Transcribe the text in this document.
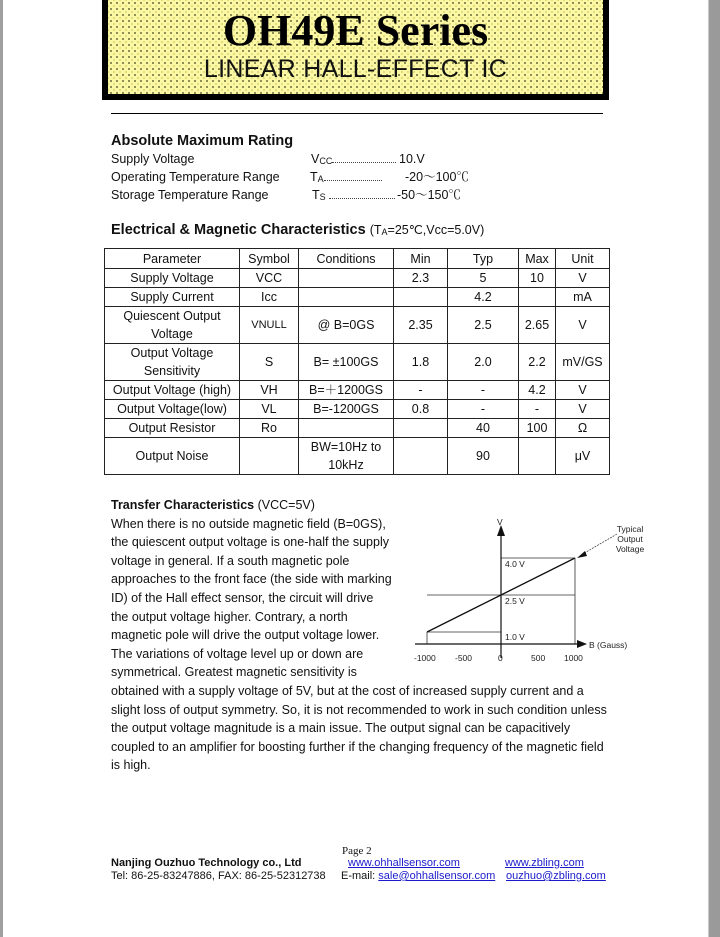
OH49E Series
LINEAR HALL-EFFECT IC
Absolute Maximum Rating
Supply Voltage	$V_{CC}$	10.V
Operating Temperature Range $T_A$	-20～100℃
Storage Temperature Range	$T_S$	-50～150℃
Electrical & Magnetic Characteristics $(T_A=25℃,Vcc=5.0V)$
Parameter	Symbol	Conditions	Min	Typ	Max	Unit
Supply Voltage	VCC		2.3	5	10	V
Supply Current	Icc			4.2		mA
Quiescent Output Voltage	VNULL	@ B=0GS	2.35	2.5	2.65	V
Output Voltage Sensitivity	S	B= ±100GS	1.8	2.0	2.2	mV/GS
Output Voltage (high)	VH	B=＋1200GS	-	-	4.2	V
Output Voltage(low)	VL	B=-1200GS	0.8	-	-	V
Output Resistor	Ro			40	100	Ω
Output Noise		BW=10Hz to 10kHz		90		μV
Transfer Characteristics (VCC=5V)
When there is no outside magnetic field (B=0GS),
the quiescent output voltage is one-half the supply
voltage in general. If a south magnetic pole
approaches to the front face (the side with marking
ID) of the Hall effect sensor, the circuit will drive
the output voltage higher. Contrary, a north
magnetic pole will drive the output voltage lower.
The variations of voltage level up or down are
symmetrical. Greatest magnetic sensitivity is
obtained with a supply voltage of 5V, but at the cost of increased supply current and a
slight loss of output symmetry. So, it is not recommended to work in such condition unless
the output voltage magnitude is a main issue. The output signal can be capacitively
coupled to an amplifier for boosting further if the changing frequency of the magnetic field
is high.
V
4.0 V
2.5 V
1.0 V
B (Gauss)
-1000 -500	0	500 1000
Typical
Output
Voltage
Page 2
Nanjing Ouzhuo Technology co., Ltd
Tel: 86-25-83247886, FAX: 86-25-52312738
www.ohhallsensor.com	www.zbling.com
E-mail: sale@ohhallsensor.com ouzhuo@zbling.com
